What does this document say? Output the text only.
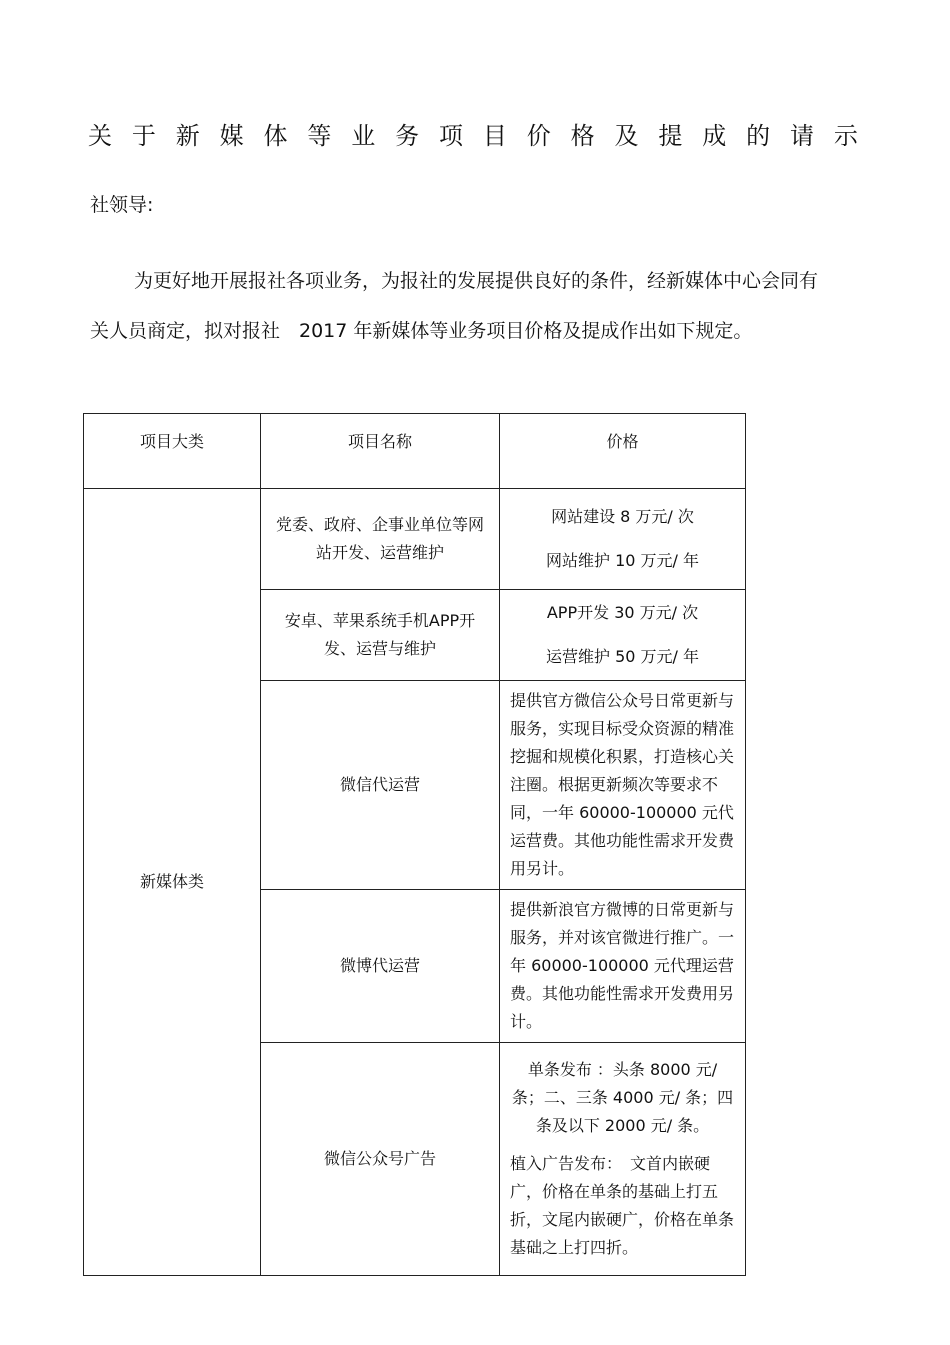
关 于 新 媒 体 等 业 务 项 目 价 格 及 提 成 的 请 示
社领导:

为更好地开展报社各项业务，为报社的发展提供良好的条件，经新媒体中心会同有关人员商定，拟对报社　2017 年新媒体等业务项目价格及提成作出如下规定。

项目大类	项目名称	价格
新媒体类	党委、政府、企事业单位等网站开发、运营维护	网站建设 8 万元/ 次

网站维护 10 万元/ 年

	安卓、苹果系统手机APP开发、运营与维护	APP开发 30 万元/ 次

运营维护 50 万元/ 年

	微信代运营	提供官方微信公众号日常更新与服务，实现目标受众资源的精准挖掘和规模化积累，打造核心关注圈。根据更新频次等要求不同，一年 60000-100000 元代运营费。其他功能性需求开发费用另计。
	微博代运营	提供新浪官方微博的日常更新与服务，并对该官微进行推广。一年 60000-100000 元代理运营费。其他功能性需求开发费用另计。
	微信公众号广告	单条发布 ：头条 8000 元/ 条；二、三条 4000 元/ 条；四条及以下 2000 元/ 条。

植入广告发布：　文首内嵌硬广，价格在单条的基础上打五折，文尾内嵌硬广，价格在单条基础之上打四折。
